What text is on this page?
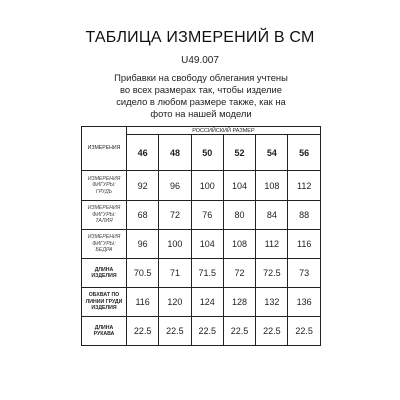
ТАБЛИЦА ИЗМЕРЕНИЙ В СМ
U49.007
Прибавки на свободу облегания учтены во всех размерах так, чтобы изделие сидело в любом размере также, как на фото на нашей модели
ИЗМЕРЕНИЯ	РОССИЙСКИЙ РАЗМЕР					
	46	48	50	52	54	56
ИЗМЕРЕНИЯ ФИГУРЫ: ГРУДЬ	92	96	100	104	108	112
ИЗМЕРЕНИЯ ФИГУРЫ: ТАЛИЯ	68	72	76	80	84	88
ИЗМЕРЕНИЯ ФИГУРЫ: БЕДРА	96	100	104	108	112	116
ДЛИНА ИЗДЕЛИЯ	70.5	71	71.5	72	72.5	73
ОБХВАТ ПО ЛИНИИ ГРУДИ ИЗДЕЛИЯ	116	120	124	128	132	136
ДЛИНА РУКАВА	22.5	22.5	22.5	22.5	22.5	22.5
